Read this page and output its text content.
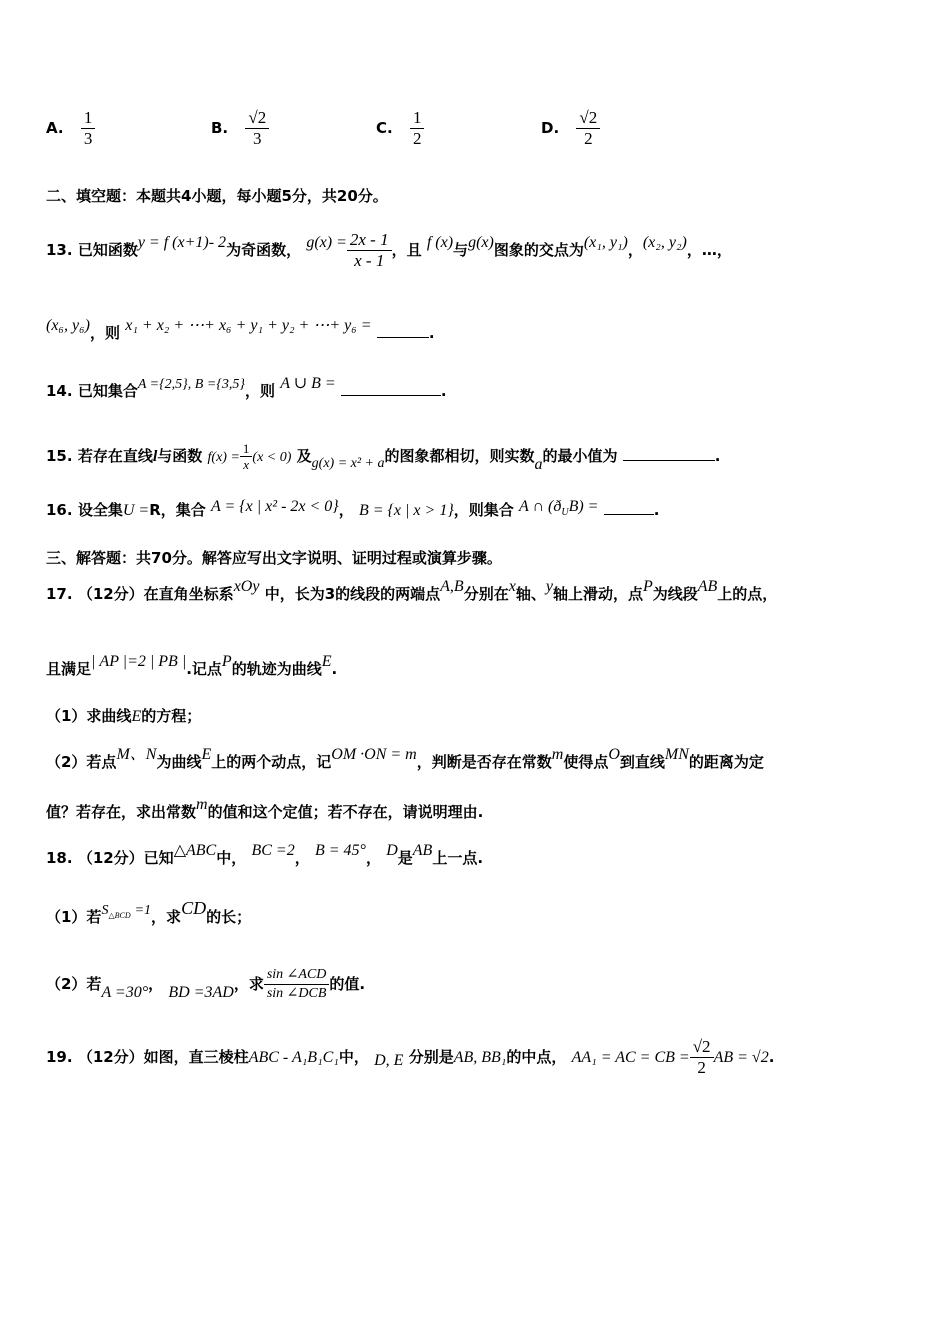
A. $\frac{1}{3}$	B. $\frac{√2}{3}$	C. $\frac{1}{2}$	D. $\frac{√2}{2}$
二、填空题：本题共4小题，每小题5分，共20分。
13. 已知函数y = f (x+1)- 2为奇函数， $g(x) = \frac{2x - 1}{x - 1}$ ，且 f (x)与g(x)图象的交点为(x₁, y₁)，(x₂, y₂)，…，
(x₆, y₆)，则 x₁ + x₂ + ⋯+ x₆ + y₁ + y₂ + ⋯+ y₆ =	.
14. 已知集合A ={2,5}, B ={3,5}，则 A ∪ B =	.
15. 若存在直线l与函数 $f(x) = \frac{1}{x} (x < 0)$ 及g(x) = x² + a的图象都相切，则实数a的最小值为	.
16. 设全集U =R，集合 A = {x | x² - 2x < 0}， B = {x | x > 1}，则集合 A ∩ $(ð_UB)$ =	.
三、解答题：共70分。解答应写出文字说明、证明过程或演算步骤。
17. （12分）在直角坐标系xOy 中，长为3的线段的两端点A,B分别在x轴、y轴上滑动，点P为线段AB上的点，
且满足| AP |=2 | PB |.记点P的轨迹为曲线E.
（1）求曲线E的方程；
（2）若点M、N为曲线E上的两个动点，记OM ·ON = m，判断是否存在常数m使得点O到直线MN的距离为定
值？若存在，求出常数m的值和这个定值；若不存在，请说明理由.
18. （12分）已知△ABC中， BC =2， B = 45°， D是AB上一点.
（1）若$S_{\triangle BCD} =1$，求CD的长；
（2）若A =30°， BD =3AD，求 $\frac{\text{sin ∠ACD}}{\text{sin ∠DCB}}$ 的值.
19. （12分）如图，直三棱柱ABC - A₁B₁C₁中， D, E 分别是AB, BB₁的中点， AA₁ = AC = CB = $\frac{√2}{2}$ AB = √2.
